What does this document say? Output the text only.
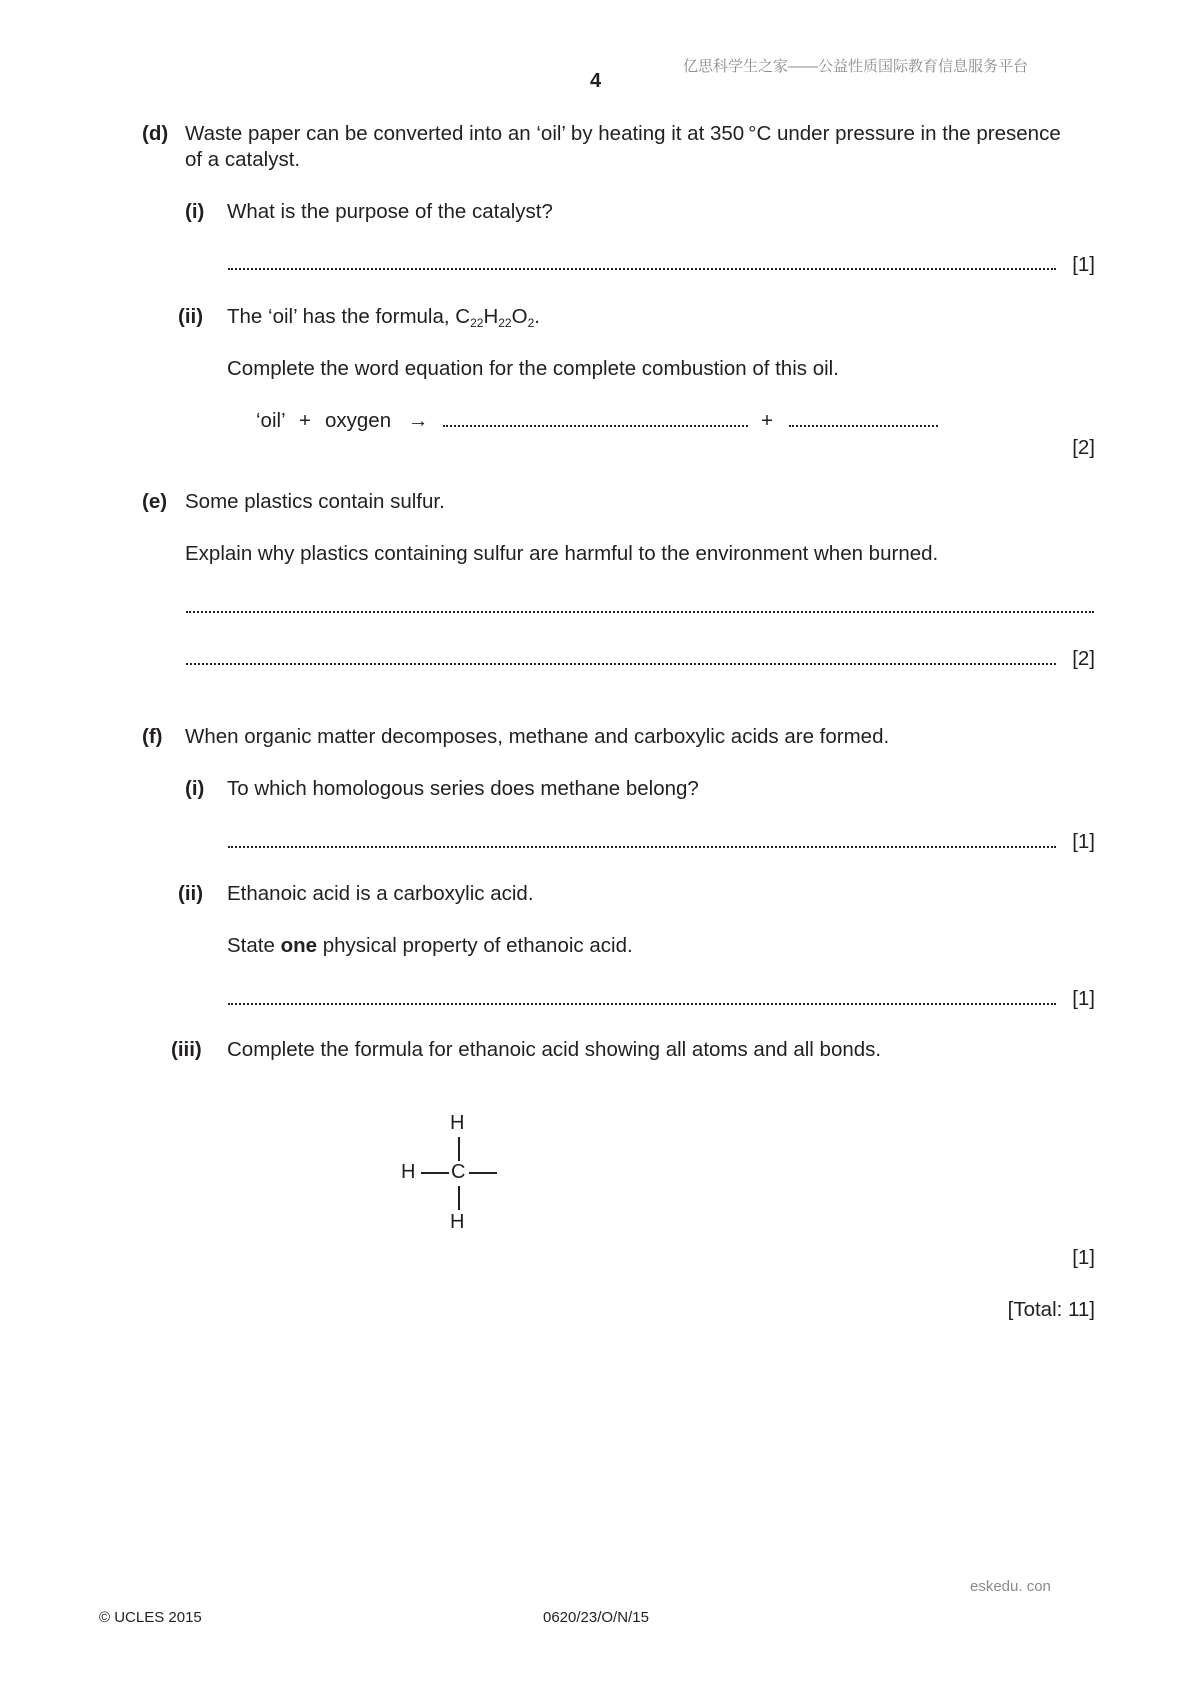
亿思科学生之家——公益性质国际教育信息服务平台
4
(d) Waste paper can be converted into an ‘oil’ by heating it at 350 °C under pressure in the presence
of a catalyst.
(i) What is the purpose of the catalyst?
[1]
(ii) The ‘oil’ has the formula, $C_{22}H_{22}O_2$.
Complete the word equation for the complete combustion of this oil.
‘oil’ + oxygen →	+
[2]
(e) Some plastics contain sulfur.
Explain why plastics containing sulfur are harmful to the environment when burned.
[2]
(f) When organic matter decomposes, methane and carboxylic acids are formed.
(i) To which homologous series does methane belong?
[1]
(ii) Ethanoic acid is a carboxylic acid.
State one physical property of ethanoic acid.
[1]
(iii) Complete the formula for ethanoic acid showing all atoms and all bonds.
H
H C
H
[1]
[Total: 11]
eskedu. con
© UCLES 2015	0620/23/O/N/15
